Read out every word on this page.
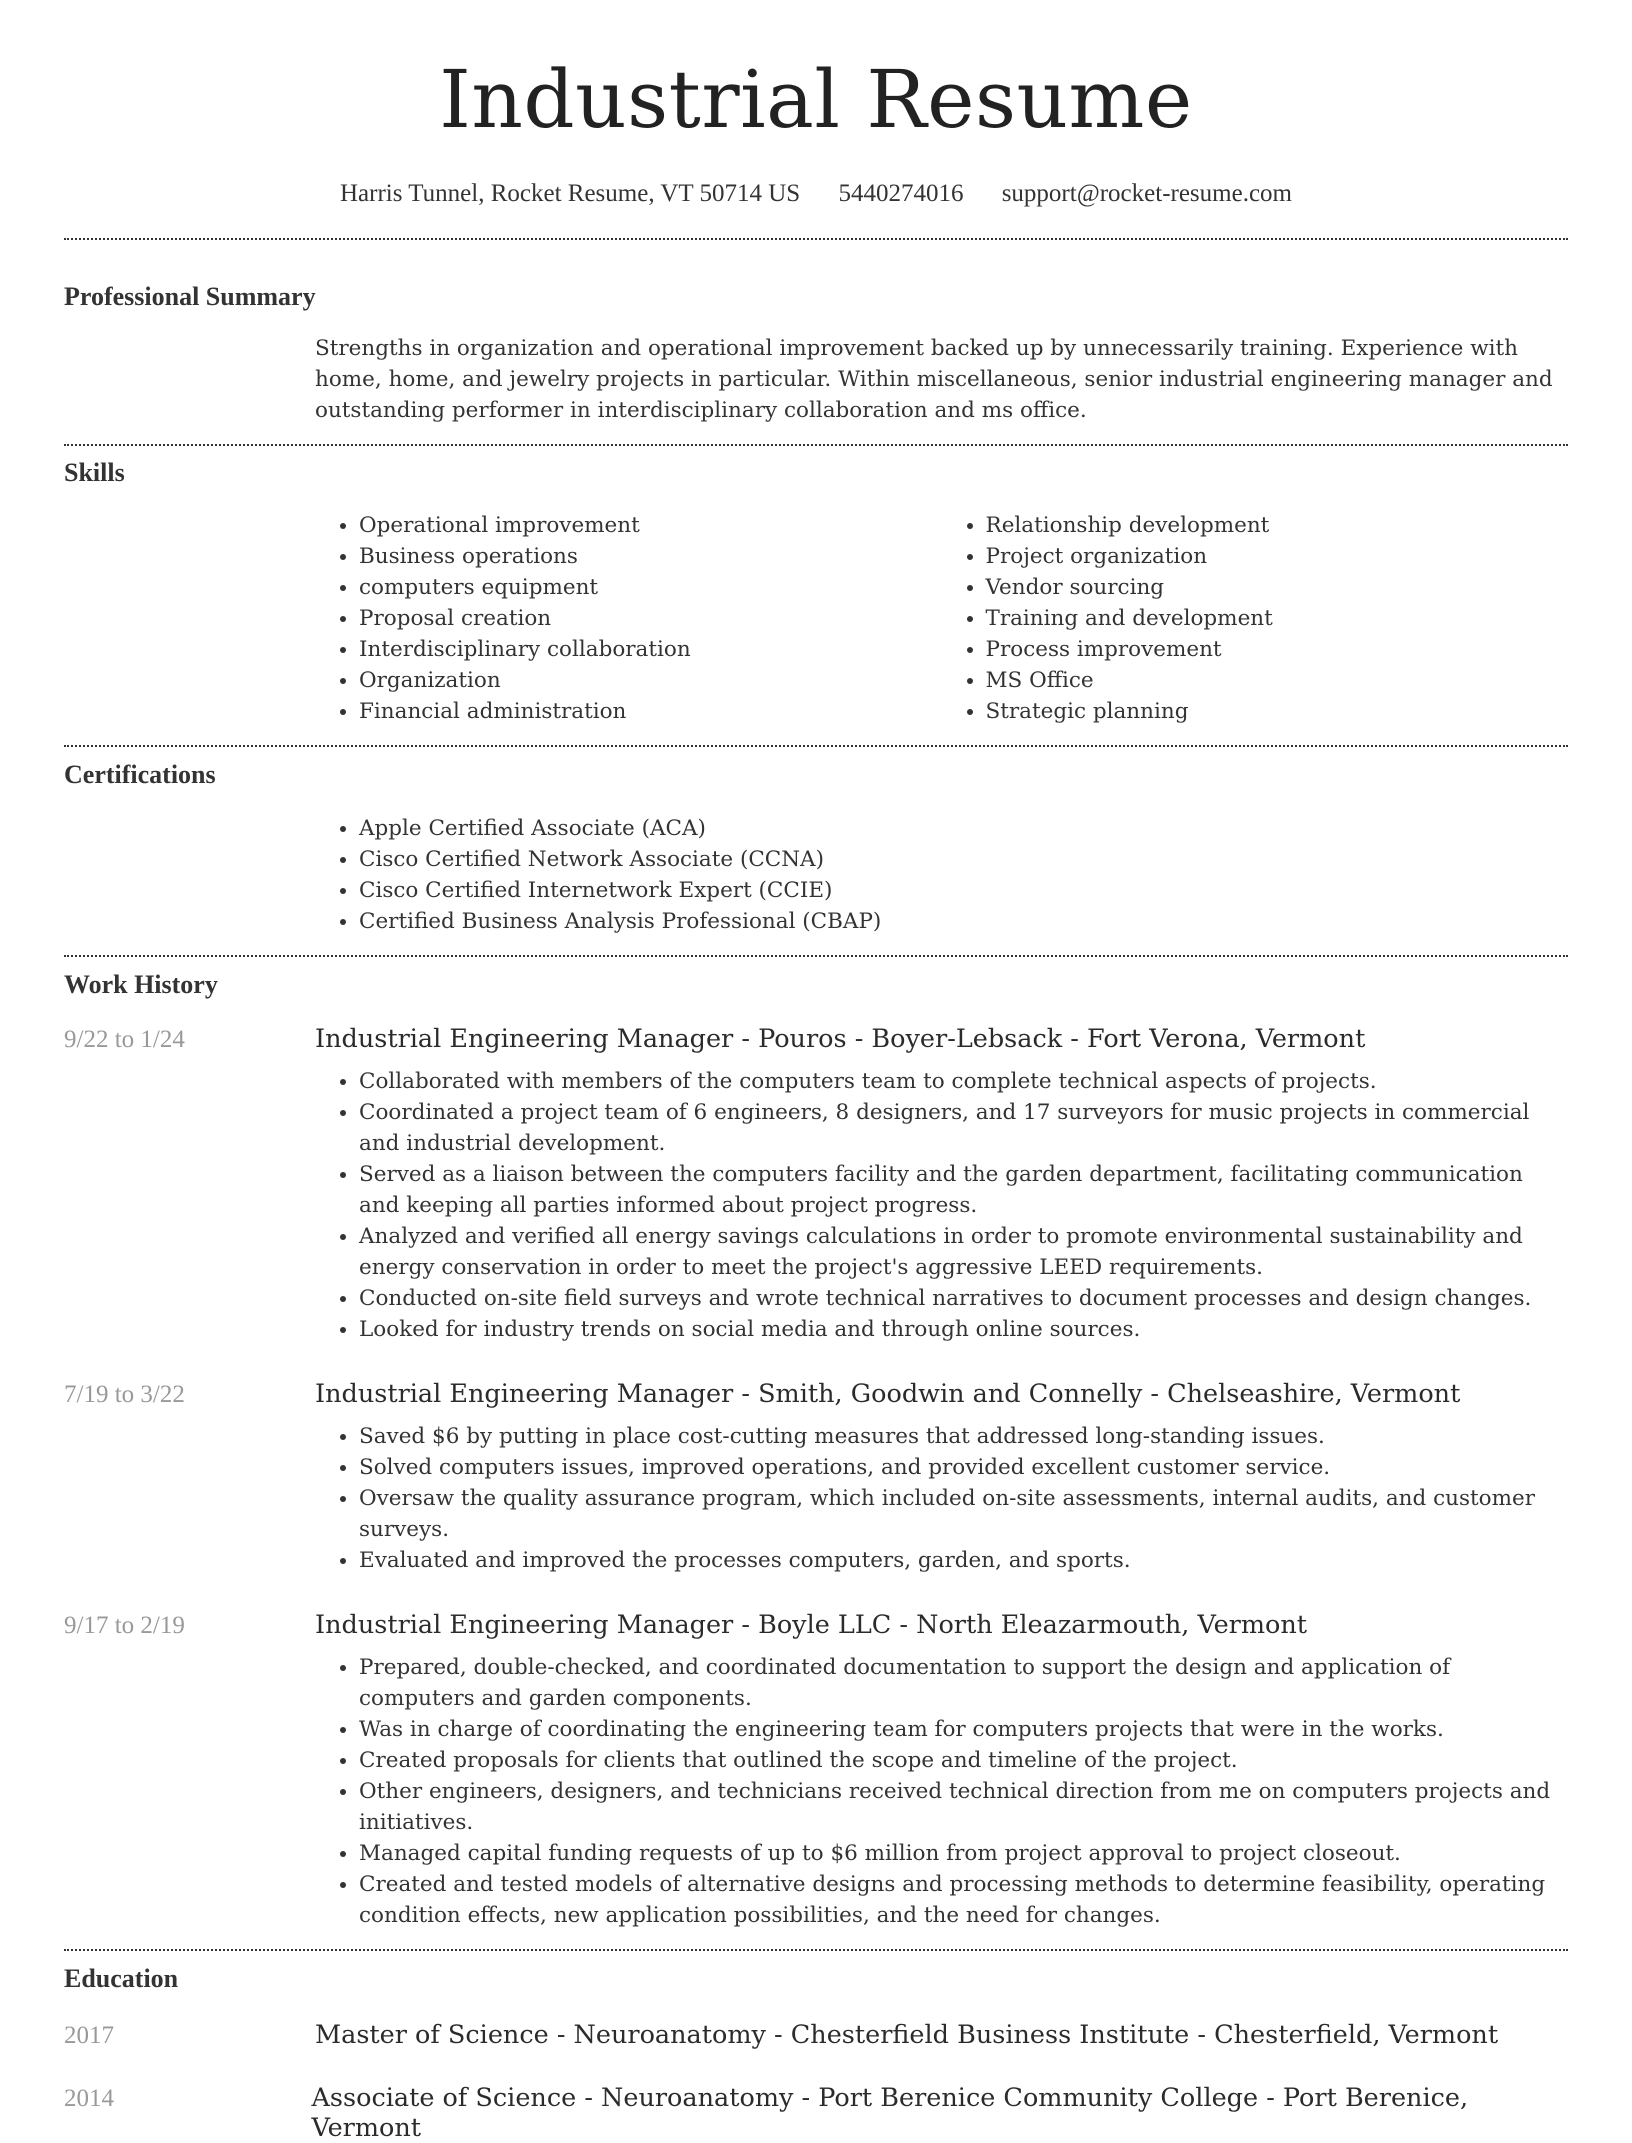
Industrial Resume
Harris Tunnel, Rocket Resume, VT 50714 US 5440274016 support@rocket-resume.com
Professional Summary
Strengths in organization and operational improvement backed up by unnecessarily training. Experience with home, home, and jewelry projects in particular. Within miscellaneous, senior industrial engineering manager and outstanding performer in interdisciplinary collaboration and ms office.
Skills
• Operational improvement
• Business operations
• computers equipment
• Proposal creation
• Interdisciplinary collaboration
• Organization
• Financial administration
• Relationship development
• Project organization
• Vendor sourcing
• Training and development
• Process improvement
• MS Office
• Strategic planning
Certifications
• Apple Certified Associate (ACA)
• Cisco Certified Network Associate (CCNA)
• Cisco Certified Internetwork Expert (CCIE)
• Certified Business Analysis Professional (CBAP)
Work History
9/22 to 1/24	Industrial Engineering Manager - Pouros - Boyer-Lebsack - Fort Verona, Vermont
• Collaborated with members of the computers team to complete technical aspects of projects.
• Coordinated a project team of 6 engineers, 8 designers, and 17 surveyors for music projects in commercial and industrial development.
• Served as a liaison between the computers facility and the garden department, facilitating communication and keeping all parties informed about project progress.
• Analyzed and verified all energy savings calculations in order to promote environmental sustainability and energy conservation in order to meet the project's aggressive LEED requirements.
• Conducted on-site field surveys and wrote technical narratives to document processes and design changes.
• Looked for industry trends on social media and through online sources.
7/19 to 3/22	Industrial Engineering Manager - Smith, Goodwin and Connelly - Chelseashire, Vermont
• Saved $6 by putting in place cost-cutting measures that addressed long-standing issues.
• Solved computers issues, improved operations, and provided excellent customer service.
• Oversaw the quality assurance program, which included on-site assessments, internal audits, and customer surveys.
• Evaluated and improved the processes computers, garden, and sports.
9/17 to 2/19	Industrial Engineering Manager - Boyle LLC - North Eleazarmouth, Vermont
• Prepared, double-checked, and coordinated documentation to support the design and application of computers and garden components.
• Was in charge of coordinating the engineering team for computers projects that were in the works.
• Created proposals for clients that outlined the scope and timeline of the project.
• Other engineers, designers, and technicians received technical direction from me on computers projects and initiatives.
• Managed capital funding requests of up to $6 million from project approval to project closeout.
• Created and tested models of alternative designs and processing methods to determine feasibility, operating condition effects, new application possibilities, and the need for changes.
Education
2017	Master of Science - Neuroanatomy - Chesterfield Business Institute - Chesterfield, Vermont
2014	Associate of Science - Neuroanatomy - Port Berenice Community College - Port Berenice, Vermont
